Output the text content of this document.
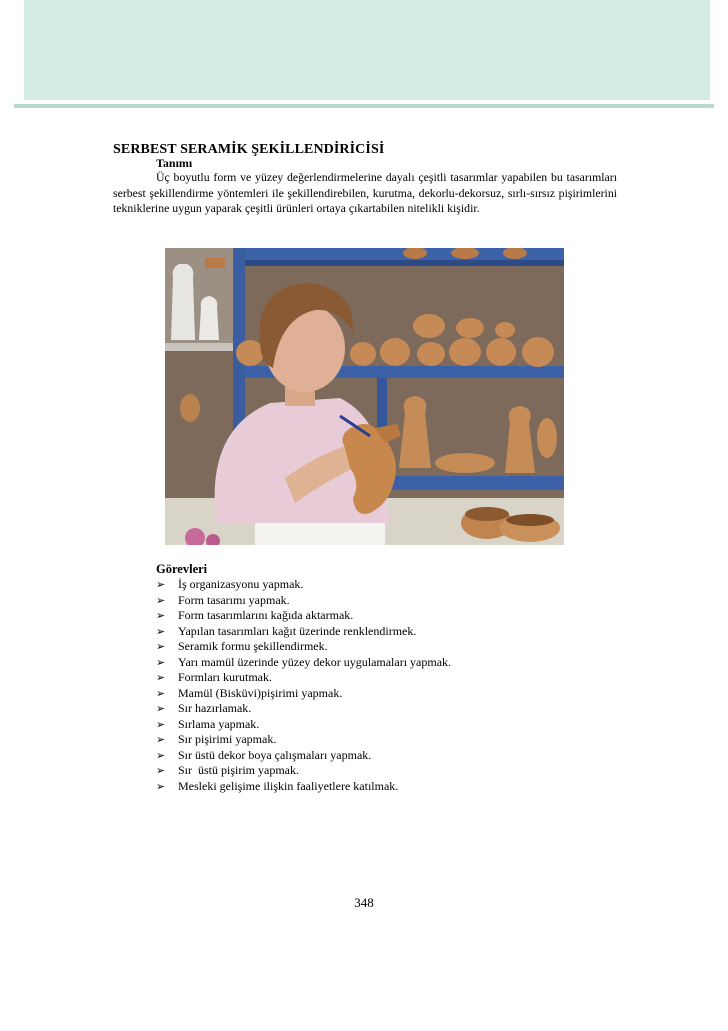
SERBEST SERAMİK ŞEKİLLENDİRİCİSİ
Tanımı
Üç boyutlu form ve yüzey değerlendirmelerine dayalı çeşitli tasarımlar yapabilen bu tasarımları serbest şekillendirme yöntemleri ile şekillendirebilen, kurutma, dekorlu-dekorsuz, sırlı-sırsız pişirimlerini tekniklerine uygun yaparak çeşitli ürünleri ortaya çıkartabilen nitelikli kişidir.
Görevleri
➢ İş organizasyonu yapmak.
➢ Form tasarımı yapmak.
➢ Form tasarımlarını kağıda aktarmak.
➢ Yapılan tasarımları kağıt üzerinde renklendirmek.
➢ Seramik formu şekillendirmek.
➢ Yarı mamül üzerinde yüzey dekor uygulamaları yapmak.
➢ Formları kurutmak.
➢ Mamül (Bisküvi)pişirimi yapmak.
➢ Sır hazırlamak.
➢ Sırlama yapmak.
➢ Sır pişirimi yapmak.
➢ Sır üstü dekor boya çalışmaları yapmak.
➢ Sır  üstü pişirim yapmak.
➢ Mesleki gelişime ilişkin faaliyetlere katılmak.
348
